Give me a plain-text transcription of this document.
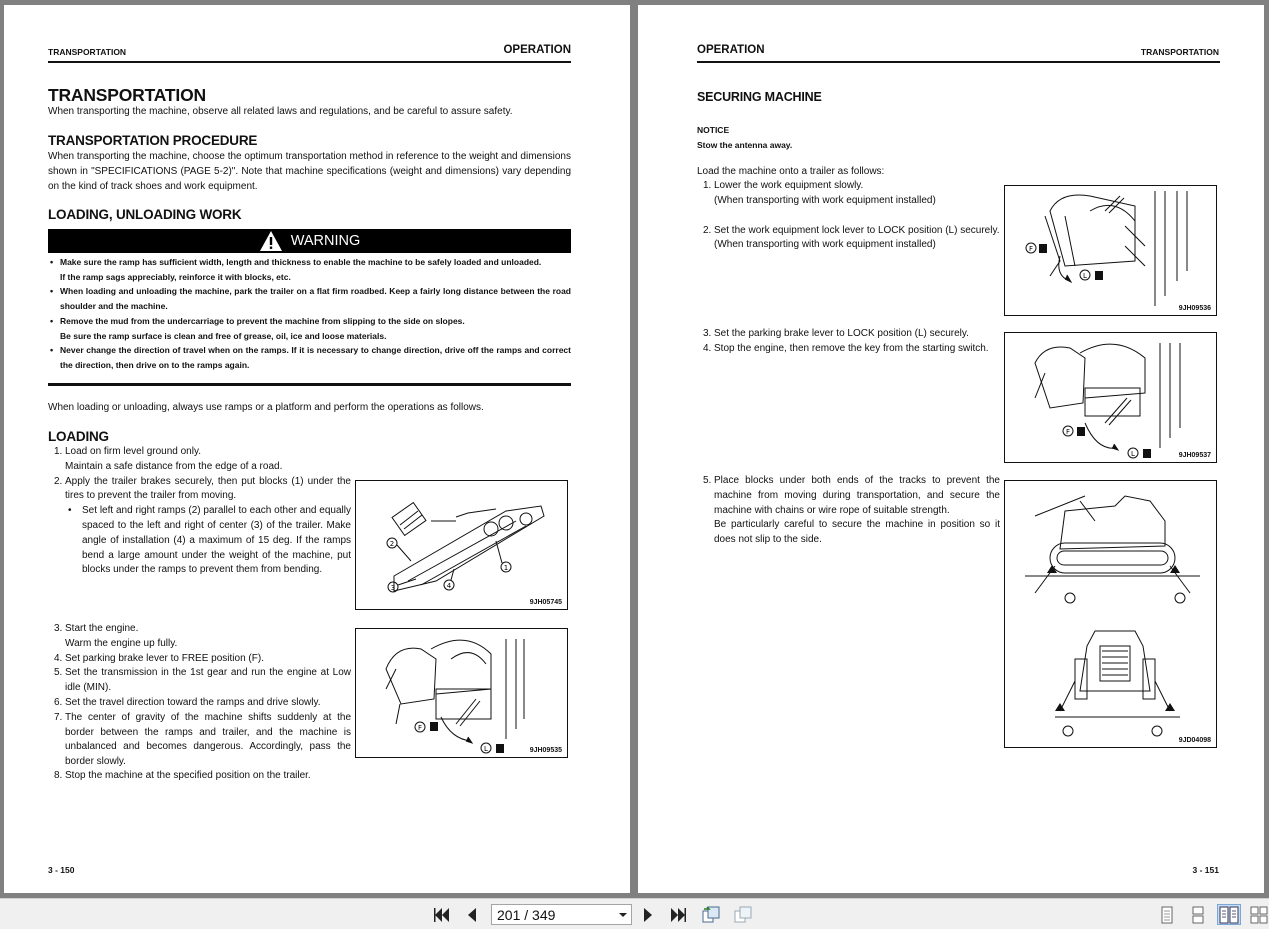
TRANSPORTATION	OPERATION
TRANSPORTATION
When transporting the machine, observe all related laws and regulations, and be careful to assure safety.
TRANSPORTATION PROCEDURE
When transporting the machine, choose the optimum transportation method in reference to the weight and dimensions shown in "SPECIFICATIONS (PAGE 5-2)". Note that machine specifications (weight and dimensions) vary depending on the kind of track shoes and work equipment.
LOADING, UNLOADING WORK
WARNING
• Make sure the ramp has sufficient width, length and thickness to enable the machine to be safely loaded and unloaded.
If the ramp sags appreciably, reinforce it with blocks, etc.
• When loading and unloading the machine, park the trailer on a flat firm roadbed. Keep a fairly long distance between the road shoulder and the machine.
• Remove the mud from the undercarriage to prevent the machine from slipping to the side on slopes.
Be sure the ramp surface is clean and free of grease, oil, ice and loose materials.
• Never change the direction of travel when on the ramps. If it is necessary to change direction, drive off the ramps and correct the direction, then drive on to the ramps again.
When loading or unloading, always use ramps or a platform and perform the operations as follows.
LOADING
1. Load on firm level ground only.
Maintain a safe distance from the edge of a road.
2. Apply the trailer brakes securely, then put blocks (1) under the tires to prevent the trailer from moving.
• Set left and right ramps (2) parallel to each other and equally spaced to the left and right of center (3) of the trailer. Make angle of installation (4) a maximum of 15 deg. If the ramps bend a large amount under the weight of the machine, put blocks under the ramps to prevent them from bending.
2
3	4
1
9JH05745
3. Start the engine.
Warm the engine up fully.
4. Set parking brake lever to FREE position (F).
5. Set the transmission in the 1st gear and run the engine at Low idle (MIN).
6. Set the travel direction toward the ramps and drive slowly.
7. The center of gravity of the machine shifts suddenly at the border between the ramps and trailer, and the machine is unbalanced and becomes dangerous. Accordingly, pass the border slowly.
8. Stop the machine at the specified position on the trailer.
F
L	9JH09535
3 - 150
OPERATION	TRANSPORTATION
SECURING MACHINE
NOTICE
Stow the antenna away.
Load the machine onto a trailer as follows:
1. Lower the work equipment slowly.
(When transporting with work equipment installed)
2. Set the work equipment lock lever to LOCK position (L) securely.
(When transporting with work equipment installed)
3. Set the parking brake lever to LOCK position (L) securely.
4. Stop the engine, then remove the key from the starting switch.
5. Place blocks under both ends of the tracks to prevent the machine from moving during transportation, and secure the machine with chains or wire rope of suitable strength.
Be particularly careful to secure the machine in position so it does not slip to the side.
F
L
9JH09536
F
L	9JH09537
9JD04098
3 - 151
201 / 349
